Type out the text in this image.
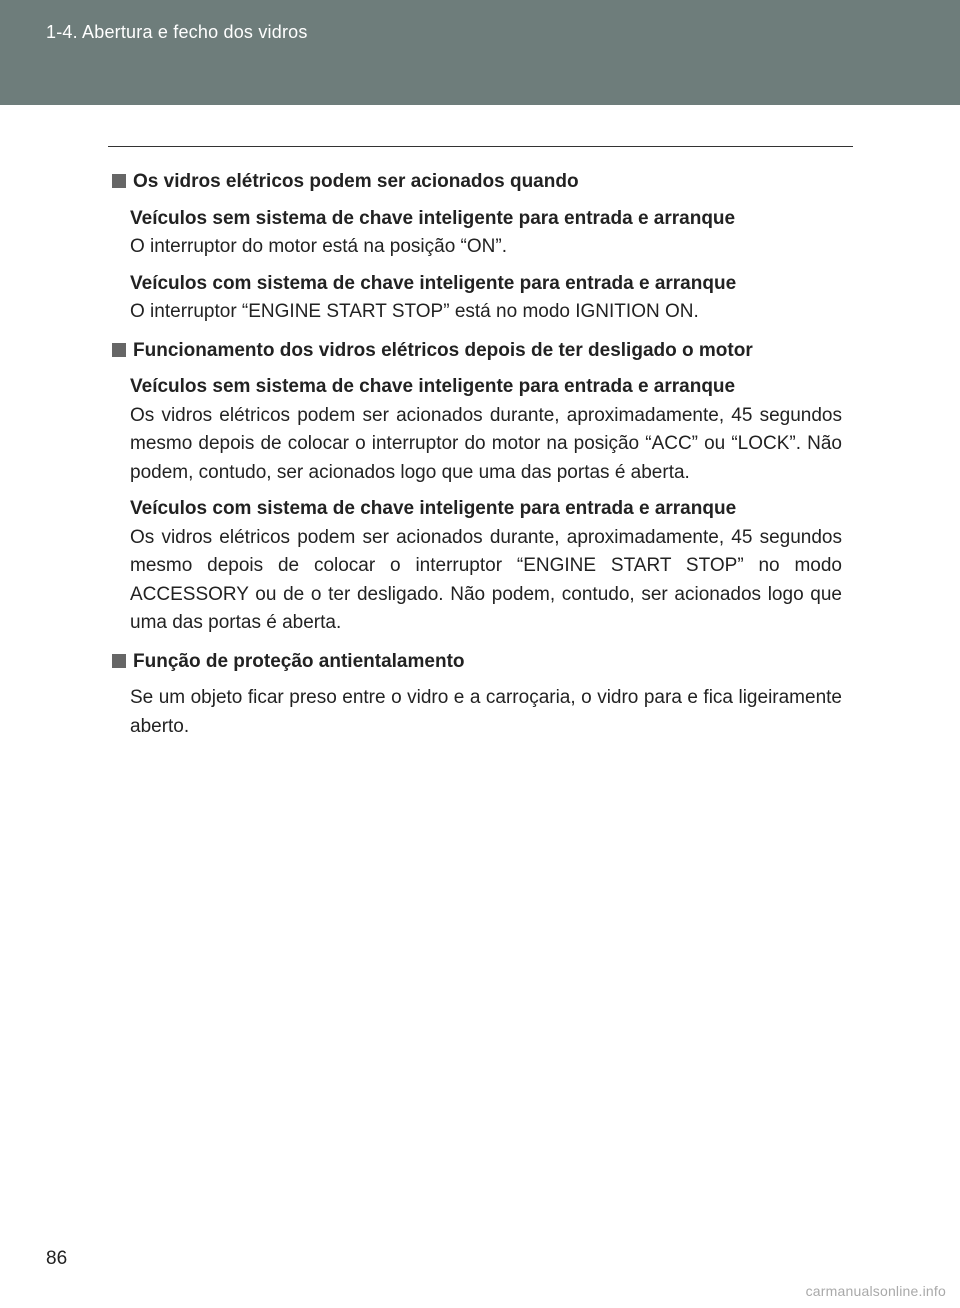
1-4. Abertura e fecho dos vidros

Os vidros elétricos podem ser acionados quando

Veículos sem sistema de chave inteligente para entrada e arranque

O interruptor do motor está na posição “ON”.

Veículos com sistema de chave inteligente para entrada e arranque

O interruptor “ENGINE START STOP” está no modo IGNITION ON.

Funcionamento dos vidros elétricos depois de ter desligado o motor

Veículos sem sistema de chave inteligente para entrada e arranque

Os vidros elétricos podem ser acionados durante, aproximadamente, 45 segundos mesmo depois de colocar o interruptor do motor na posição “ACC” ou “LOCK”. Não podem, contudo, ser acionados logo que uma das portas é aberta.

Veículos com sistema de chave inteligente para entrada e arranque

Os vidros elétricos podem ser acionados durante, aproximadamente, 45 segundos mesmo depois de colocar o interruptor “ENGINE START STOP” no modo ACCESSORY ou de o ter desligado. Não podem, contudo, ser acionados logo que uma das portas é aberta.

Função de proteção antientalamento

Se um objeto ficar preso entre o vidro e a carroçaria, o vidro para e fica ligeiramente aberto.

86
carmanualsonline.info
